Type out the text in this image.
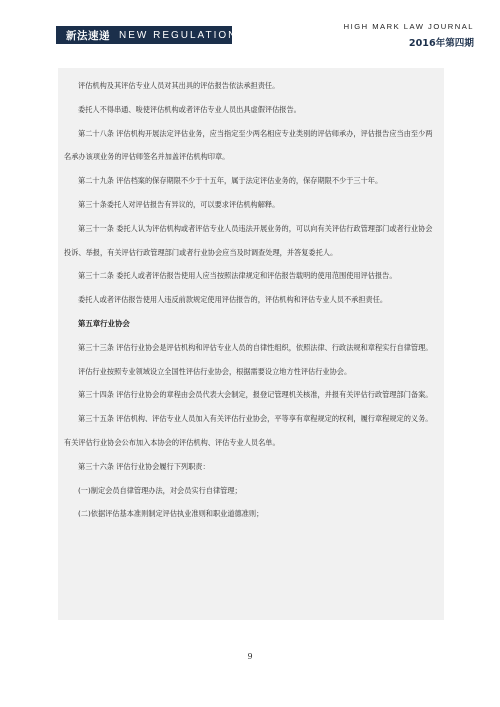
新法速递 NEW REGULATIONS
HIGH MARK LAW JOURNAL
2016年第四期

评估机构及其评估专业人员对其出具的评估报告依法承担责任。

委托人不得串通、唆使评估机构或者评估专业人员出具虚假评估报告。

第二十八条 评估机构开展法定评估业务，应当指定至少两名相应专业类别的评估师承办，评估报告应当由至少两名承办该项业务的评估师签名并加盖评估机构印章。

第二十九条 评估档案的保存期限不少于十五年，属于法定评估业务的，保存期限不少于三十年。

第三十条委托人对评估报告有异议的，可以要求评估机构解释。

第三十一条 委托人认为评估机构或者评估专业人员违法开展业务的，可以向有关评估行政管理部门或者行业协会投诉、举报，有关评估行政管理部门或者行业协会应当及时调查处理，并答复委托人。

第三十二条 委托人或者评估报告使用人应当按照法律规定和评估报告载明的使用范围使用评估报告。

委托人或者评估报告使用人违反前款规定使用评估报告的，评估机构和评估专业人员不承担责任。

第五章行业协会

第三十三条 评估行业协会是评估机构和评估专业人员的自律性组织，依照法律、行政法规和章程实行自律管理。

评估行业按照专业领域设立全国性评估行业协会，根据需要设立地方性评估行业协会。

第三十四条 评估行业协会的章程由会员代表大会制定，报登记管理机关核准，并报有关评估行政管理部门备案。

第三十五条 评估机构、评估专业人员加入有关评估行业协会，平等享有章程规定的权利，履行章程规定的义务。有关评估行业协会公布加入本协会的评估机构、评估专业人员名单。

第三十六条 评估行业协会履行下列职责：

(一)制定会员自律管理办法，对会员实行自律管理；

(二)依据评估基本准则制定评估执业准则和职业道德准则；

9
